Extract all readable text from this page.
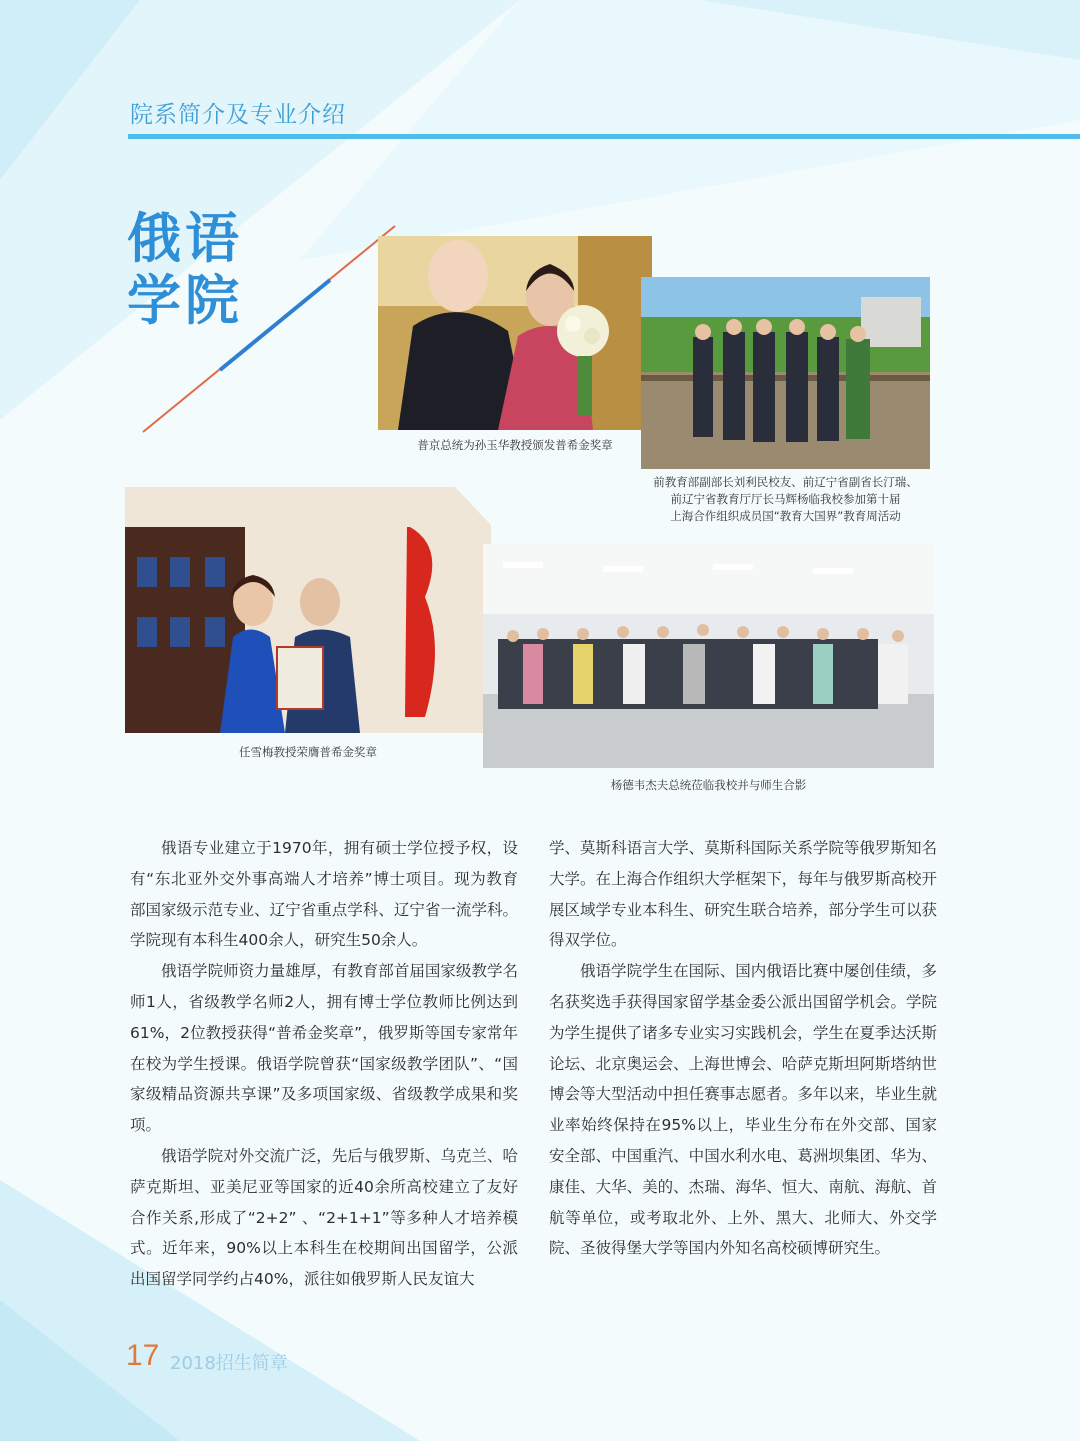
院系简介及专业介绍
俄语
学院
普京总统为孙玉华教授颁发普希金奖章
前教育部副部长刘利民校友、前辽宁省副省长汀瑞、
前辽宁省教育厅厅长马辉杨临我校参加第十届
上海合作组织成员国“教育大国界”教育周活动
任雪梅教授荣膺普希金奖章
杨德韦杰夫总统莅临我校并与师生合影

俄语专业建立于1970年，拥有硕士学位授予权，设有“东北亚外交外事高端人才培养”博士项目。现为教育部国家级示范专业、辽宁省重点学科、辽宁省一流学科。学院现有本科生400余人，研究生50余人。

俄语学院师资力量雄厚，有教育部首届国家级教学名师1人，省级教学名师2人，拥有博士学位教师比例达到61%，2位教授获得“普希金奖章”，俄罗斯等国专家常年在校为学生授课。俄语学院曾获“国家级教学团队”、“国家级精品资源共享课”及多项国家级、省级教学成果和奖项。

俄语学院对外交流广泛，先后与俄罗斯、乌克兰、哈萨克斯坦、亚美尼亚等国家的近40余所高校建立了友好合作关系,形成了“2+2” 、“2+1+1”等多种人才培养模式。近年来，90%以上本科生在校期间出国留学，公派出国留学同学约占40%，派往如俄罗斯人民友谊大

学、莫斯科语言大学、莫斯科国际关系学院等俄罗斯知名大学。在上海合作组织大学框架下，每年与俄罗斯高校开展区域学专业本科生、研究生联合培养，部分学生可以获得双学位。

俄语学院学生在国际、国内俄语比赛中屡创佳绩，多名获奖选手获得国家留学基金委公派出国留学机会。学院为学生提供了诸多专业实习实践机会，学生在夏季达沃斯论坛、北京奥运会、上海世博会、哈萨克斯坦阿斯塔纳世博会等大型活动中担任赛事志愿者。多年以来，毕业生就业率始终保持在95%以上，毕业生分布在外交部、国家安全部、中国重汽、中国水利水电、葛洲坝集团、华为、康佳、大华、美的、杰瑞、海华、恒大、南航、海航、首航等单位，或考取北外、上外、黑大、北师大、外交学院、圣彼得堡大学等国内外知名高校硕博研究生。

17 2018招生简章
